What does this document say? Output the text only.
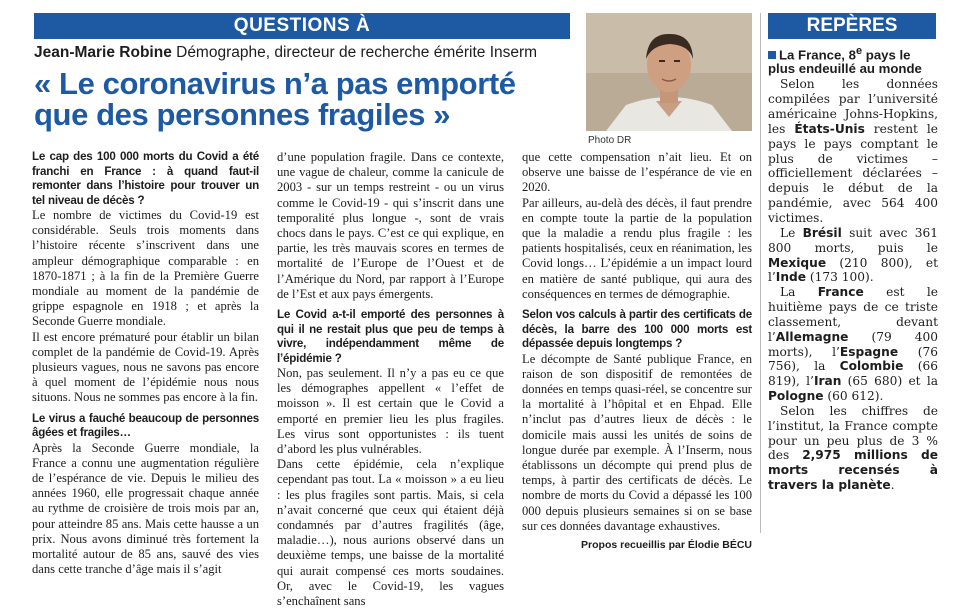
QUESTIONS À	REPÈRES
Jean-Marie Robine Démographe, directeur de recherche émérite Inserm
« Le coronavirus n’a pas emporté
que des personnes fragiles »
Photo DR

Le cap des 100 000 morts du Covid a été franchi en France : à quand faut-il remonter dans l’histoire pour trouver un tel niveau de décès ?

Le nombre de victimes du Covid-19 est considérable. Seuls trois moments dans l’histoire récente s’inscrivent dans une ampleur démographique comparable : en 1870-1871 ; à la fin de la Première Guerre mondiale au moment de la pandémie de grippe espagnole en 1918 ; et après la Seconde Guerre mondiale.

Il est encore prématuré pour établir un bilan complet de la pandémie de Covid-19. Après plusieurs vagues, nous ne savons pas encore à quel moment de l’épidémie nous nous situons. Nous ne sommes pas encore à la fin.

Le virus a fauché beaucoup de personnes âgées et fragiles…

Après la Seconde Guerre mondiale, la France a connu une augmentation régulière de l’espérance de vie. Depuis le milieu des années 1960, elle progressait chaque année au rythme de croisière de trois mois par an, pour atteindre 85 ans. Mais cette hausse a un prix. Nous avons diminué très fortement la mortalité autour de 85 ans, sauvé des vies dans cette tranche d’âge mais il s’agit

d’une population fragile. Dans ce contexte, une vague de chaleur, comme la canicule de 2003 - sur un temps restreint - ou un virus comme le Covid-19 - qui s’inscrit dans une temporalité plus longue -, sont de vrais chocs dans le pays. C’est ce qui explique, en partie, les très mauvais scores en termes de mortalité de l’Europe de l’Ouest et de l’Amérique du Nord, par rapport à l’Europe de l’Est et aux pays émergents.

Le Covid a-t-il emporté des personnes à qui il ne restait plus que peu de temps à vivre, indépendamment même de l’épidémie ?

Non, pas seulement. Il n’y a pas eu ce que les démographes appellent « l’effet de moisson ». Il est certain que le Covid a emporté en premier lieu les plus fragiles. Les virus sont opportunistes : ils tuent d’abord les plus vulnérables.

Dans cette épidémie, cela n’explique cependant pas tout. La « moisson » a eu lieu : les plus fragiles sont partis. Mais, si cela n’avait concerné que ceux qui étaient déjà condamnés par d’autres fragilités (âge, maladie…), nous aurions observé dans un deuxième temps, une baisse de la mortalité qui aurait compensé ces morts soudaines. Or, avec le Covid-19, les vagues s’enchaînent sans

que cette compensation n’ait lieu. Et on observe une baisse de l’espérance de vie en 2020.

Par ailleurs, au-delà des décès, il faut prendre en compte toute la partie de la population que la maladie a rendu plus fragile : les patients hospitalisés, ceux en réanimation, les Covid longs… L’épidémie a un impact lourd en matière de santé publique, qui aura des conséquences en termes de démographie.

Selon vos calculs à partir des certificats de décès, la barre des 100 000 morts est dépassée depuis longtemps ?

Le décompte de Santé publique France, en raison de son dispositif de remontées de données en temps quasi-réel, se concentre sur la mortalité à l’hôpital et en Ehpad. Elle n’inclut pas d’autres lieux de décès : le domicile mais aussi les unités de soins de longue durée par exemple. À l’Inserm, nous établissons un décompte qui prend plus de temps, à partir des certificats de décès. Le nombre de morts du Covid a dépassé les 100 000 depuis plusieurs semaines si on se base sur ces données davantage exhaustives.

Propos recueillis par Élodie BÉCU

La France, 8e pays le plus endeuillé au monde

Selon les données compilées par l’université américaine Johns-Hopkins, les États-Unis restent le pays le pays comptant le plus de victimes – officiellement déclarées – depuis le début de la pandémie, avec 564 400 victimes.

Le Brésil suit avec 361 800 morts, puis le Mexique (210 800), et l’Inde (173 100).

La France est le huitième pays de ce triste classement, devant l’Allemagne (79 400 morts), l’Espagne (76 756), la Colombie (66 819), l’Iran (65 680) et la Pologne (60 612).

Selon les chiffres de l’institut, la France compte pour un peu plus de 3 % des 2,975 millions de morts recensés à travers la planète.
